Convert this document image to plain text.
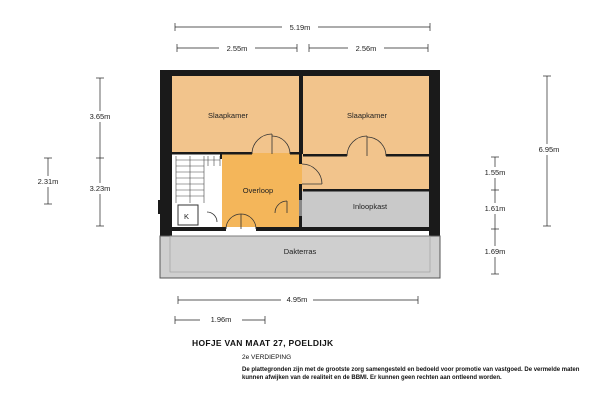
K
Slaapkamer	Slaapkamer
Overloop
Inloopkast
Dakterras
5.19m
2.55m	2.56m
3.65m
3.23m
2.31m
6.95m
1.55m
1.61m
1.69m
4.95m
1.96m
HOFJE VAN MAAT 27, POELDIJK
2e VERDIEPING
De plattegronden zijn met de grootste zorg samengesteld en bedoeld voor promotie van vastgoed. De vermelde maten kunnen afwijken van de realiteit en de BBMI. Er kunnen geen rechten aan ontleend worden.
